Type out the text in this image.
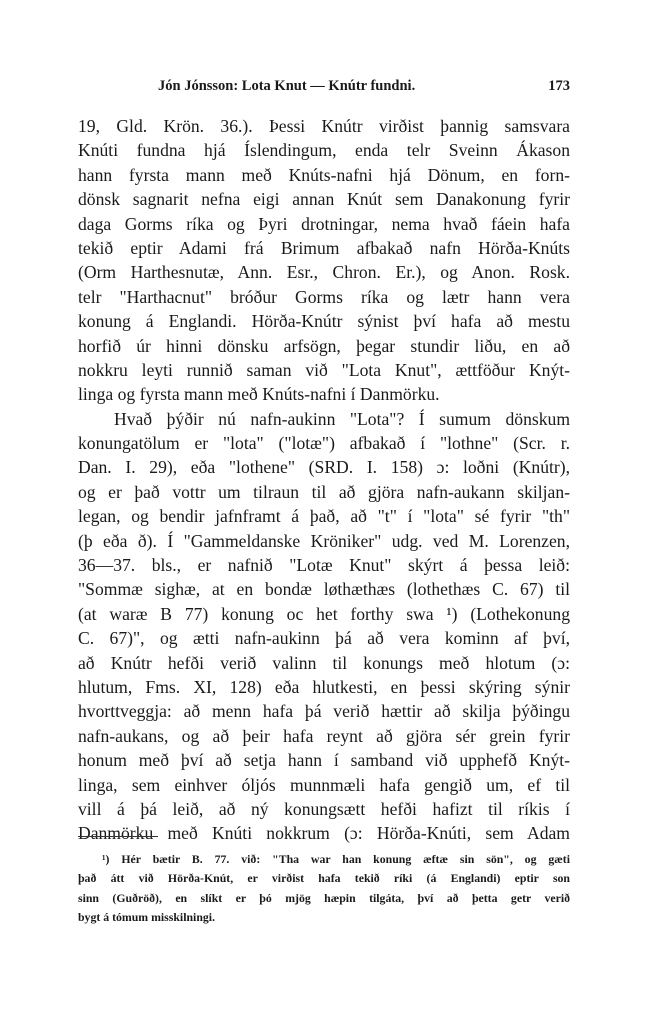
Jón Jónsson: Lota Knut — Knútr fundni.	173
19, Gld. Krön. 36.). Þessi Knútr virðist þannig samsvara
Knúti fundna hjá Íslendingum, enda telr Sveinn Ákason
hann fyrsta mann með Knúts-nafni hjá Dönum, en forn-
dönsk sagnarit nefna eigi annan Knút sem Danakonung fyrir
daga Gorms ríka og Þyri drotningar, nema hvað fáein hafa
tekið eptir Adami frá Brimum afbakað nafn Hörða-Knúts
(Orm Harthesnutæ, Ann. Esr., Chron. Er.), og Anon. Rosk.
telr "Harthacnut" bróður Gorms ríka og lætr hann vera
konung á Englandi. Hörða-Knútr sýnist því hafa að mestu
horfið úr hinni dönsku arfsögn, þegar stundir liðu, en að
nokkru leyti runnið saman við "Lota Knut", ættföður Knýt-
linga og fyrsta mann með Knúts-nafni í Danmörku.
Hvað þýðir nú nafn-aukinn "Lota"? Í sumum dönskum
konungatölum er "lota" ("lotæ") afbakað í "lothne" (Scr. r.
Dan. I. 29), eða "lothene" (SRD. I. 158) ɔ: loðni (Knútr),
og er það vottr um tilraun til að gjöra nafn-aukann skiljan-
legan, og bendir jafnframt á það, að "t" í "lota" sé fyrir "th"
(þ eða ð). Í "Gammeldanske Kröniker" udg. ved M. Lorenzen,
36—37. bls., er nafnið "Lotæ Knut" skýrt á þessa leið:
"Sommæ sighæ, at en bondæ løthæthæs (lothethæs C. 67) til
(at waræ B 77) konung oc het forthy swa ¹) (Lothekonung
C. 67)", og ætti nafn-aukinn þá að vera kominn af því,
að Knútr hefði verið valinn til konungs með hlotum (ɔ:
hlutum, Fms. XI, 128) eða hlutkesti, en þessi skýring sýnir
hvorttveggja: að menn hafa þá verið hættir að skilja þýðingu
nafn-aukans, og að þeir hafa reynt að gjöra sér grein fyrir
honum með því að setja hann í samband við upphefð Knýt-
linga, sem einhver óljós munnmæli hafa gengið um, ef til
vill á þá leið, að ný konungsætt hefði hafizt til ríkis í
Danmörku með Knúti nokkrum (ɔ: Hörða-Knúti, sem Adam
¹) Hér bætir B. 77. við: "Tha war han konung æftæ sin sön", og gæti
það átt við Hörða-Knút, er virðist hafa tekið ríki (á Englandi) eptir son
sinn (Guðröð), en slíkt er þó mjög hæpin tilgáta, því að þetta getr verið
bygt á tómum misskilningi.
